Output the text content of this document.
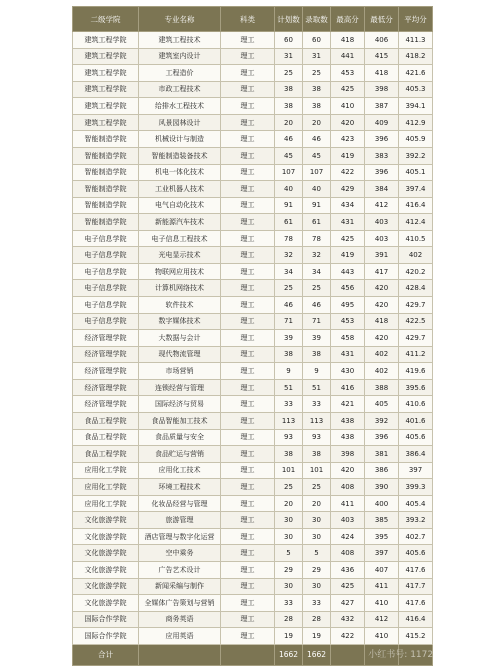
二级学院	专业名称	科类	计划数	录取数	最高分	最低分	平均分
建筑工程学院	建筑工程技术	理工	60	60	418	406	411.3
建筑工程学院	建筑室内设计	理工	31	31	441	415	418.2
建筑工程学院	工程造价	理工	25	25	453	418	421.6
建筑工程学院	市政工程技术	理工	38	38	425	398	405.3
建筑工程学院	给排水工程技术	理工	38	38	410	387	394.1
建筑工程学院	风景园林设计	理工	20	20	420	409	412.9
智能制造学院	机械设计与制造	理工	46	46	423	396	405.9
智能制造学院	智能制造装备技术	理工	45	45	419	383	392.2
智能制造学院	机电一体化技术	理工	107	107	422	396	405.1
智能制造学院	工业机器人技术	理工	40	40	429	384	397.4
智能制造学院	电气自动化技术	理工	91	91	434	412	416.4
智能制造学院	新能源汽车技术	理工	61	61	431	403	412.4
电子信息学院	电子信息工程技术	理工	78	78	425	403	410.5
电子信息学院	光电显示技术	理工	32	32	419	391	402
电子信息学院	物联网应用技术	理工	34	34	443	417	420.2
电子信息学院	计算机网络技术	理工	25	25	456	420	428.4
电子信息学院	软件技术	理工	46	46	495	420	429.7
电子信息学院	数字媒体技术	理工	71	71	453	418	422.5
经济管理学院	大数据与会计	理工	39	39	458	420	429.7
经济管理学院	现代物流管理	理工	38	38	431	402	411.2
经济管理学院	市场营销	理工	9	9	430	402	419.6
经济管理学院	连锁经营与管理	理工	51	51	416	388	395.6
经济管理学院	国际经济与贸易	理工	33	33	421	405	410.6
食品工程学院	食品智能加工技术	理工	113	113	438	392	401.6
食品工程学院	食品质量与安全	理工	93	93	438	396	405.6
食品工程学院	食品贮运与营销	理工	38	38	398	381	386.4
应用化工学院	应用化工技术	理工	101	101	420	386	397
应用化工学院	环境工程技术	理工	25	25	408	390	399.3
应用化工学院	化妆品经营与管理	理工	20	20	411	400	405.4
文化旅游学院	旅游管理	理工	30	30	403	385	393.2
文化旅游学院	酒店管理与数字化运营	理工	30	30	424	395	402.7
文化旅游学院	空中乘务	理工	5	5	408	397	405.6
文化旅游学院	广告艺术设计	理工	29	29	436	407	417.6
文化旅游学院	新闻采编与制作	理工	30	30	425	411	417.7
文化旅游学院	全媒体广告策划与营销	理工	33	33	427	410	417.6
国际合作学院	商务英语	理工	28	28	432	412	416.4
国际合作学院	应用英语	理工	19	19	422	410	415.2
合计			1662	1662				小红书号: 11727211
